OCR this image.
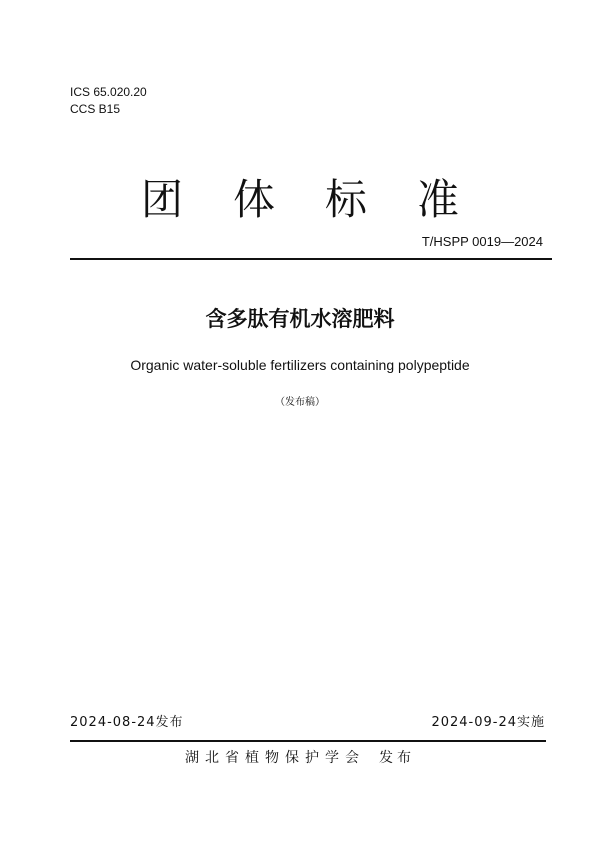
ICS 65.020.20
CCS B15
团体标准
T/HSPP 0019—2024
含多肽有机水溶肥料
Organic water-soluble fertilizers containing polypeptide
（发布稿）
2024-08-24发布	2024-09-24实施
湖北省植物保护学会 发布
